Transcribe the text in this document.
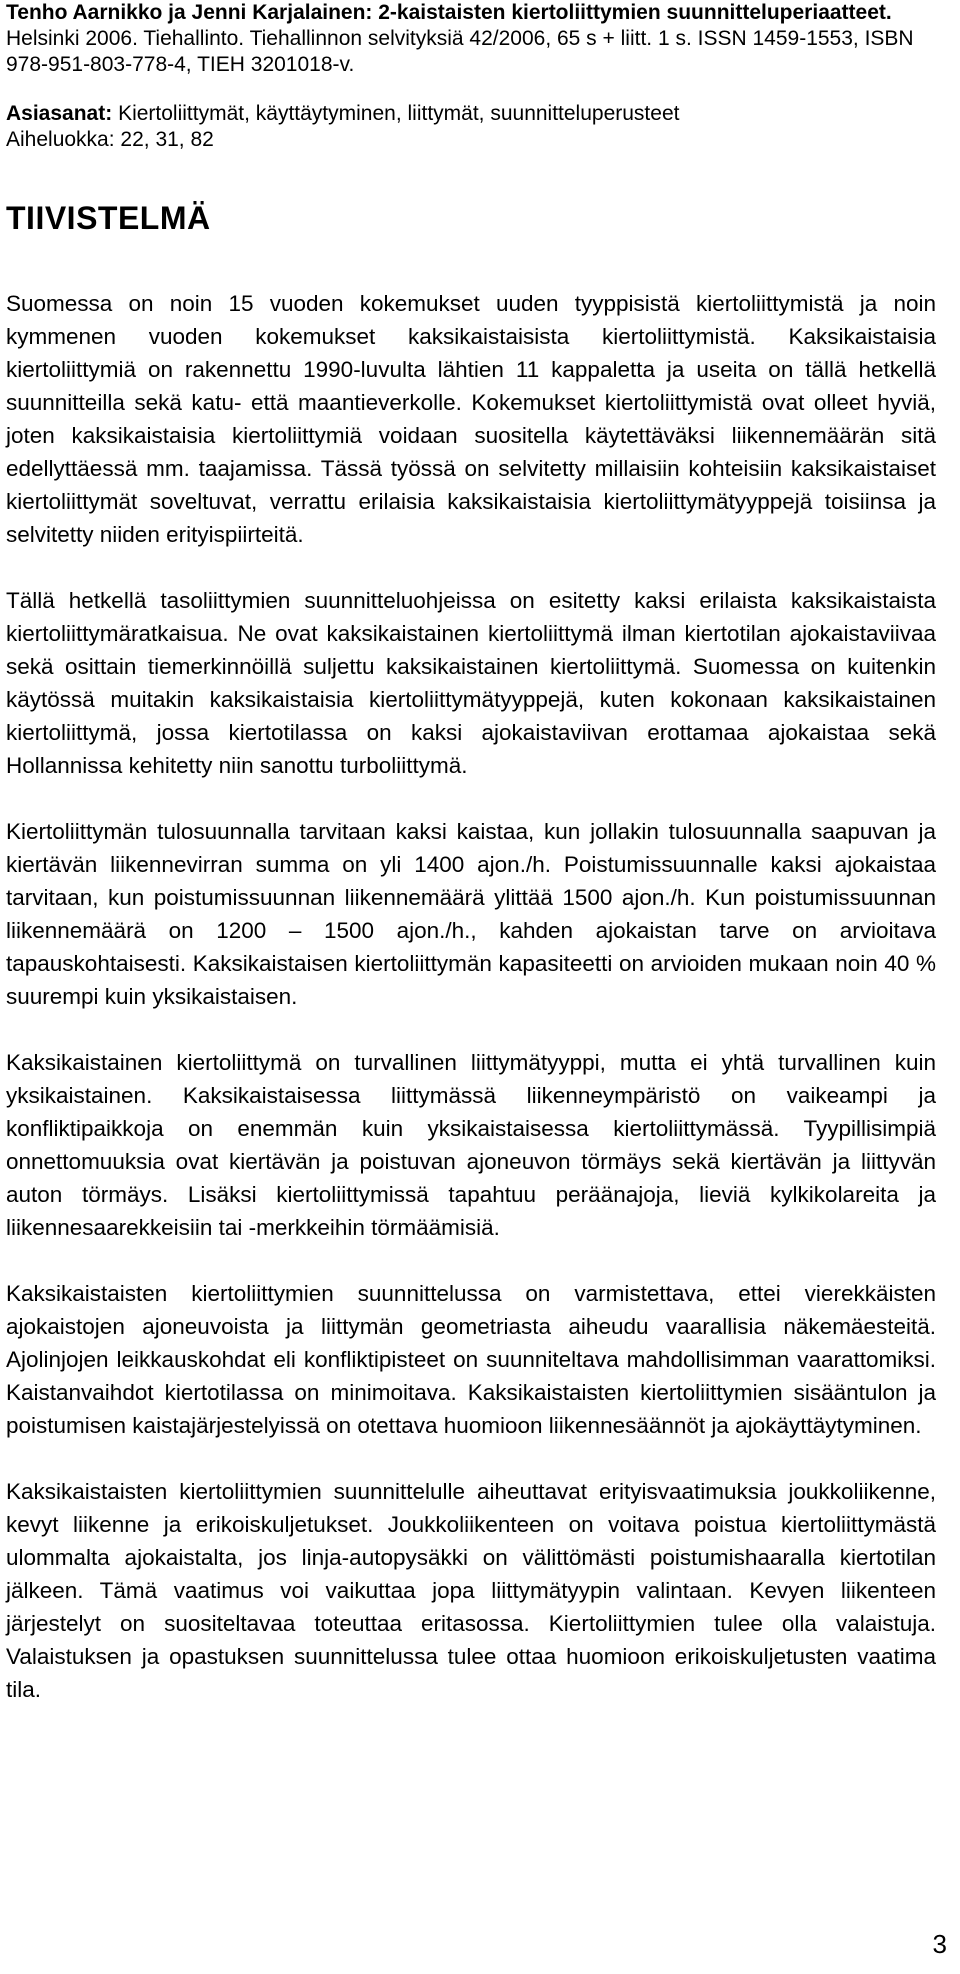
Tenho Aarnikko ja Jenni Karjalainen: 2-kaistaisten kiertoliittymien suunnitteluperiaatteet. Helsinki 2006. Tiehallinto. Tiehallinnon selvityksiä 42/2006, 65 s + liitt. 1 s. ISSN 1459-1553, ISBN 978-951-803-778-4, TIEH 3201018-v.
Asiasanat: Kiertoliittymät, käyttäytyminen, liittymät, suunnitteluperusteet
Aiheluokka: 22, 31, 82
TIIVISTELMÄ

Suomessa on noin 15 vuoden kokemukset uuden tyyppisistä kiertoliittymistä ja noin kymmenen vuoden kokemukset kaksikaistaisista kiertoliittymistä. Kaksikaistaisia kiertoliittymiä on rakennettu 1990-luvulta lähtien 11 kappaletta ja useita on tällä hetkellä suunnitteilla sekä katu- että maantieverkolle. Kokemukset kiertoliittymistä ovat olleet hyviä, joten kaksikaistaisia kiertoliittymiä voidaan suositella käytettäväksi liikennemäärän sitä edellyttäessä mm. taajamissa. Tässä työssä on selvitetty millaisiin kohteisiin kaksikaistaiset kiertoliittymät soveltuvat, verrattu erilaisia kaksikaistaisia kiertoliittymätyyppejä toisiinsa ja selvitetty niiden erityispiirteitä.

Tällä hetkellä tasoliittymien suunnitteluohjeissa on esitetty kaksi erilaista kaksikaistaista kiertoliittymäratkaisua. Ne ovat kaksikaistainen kiertoliittymä ilman kiertotilan ajokaistaviivaa sekä osittain tiemerkinnöillä suljettu kaksikaistainen kiertoliittymä. Suomessa on kuitenkin käytössä muitakin kaksikaistaisia kiertoliittymätyyppejä, kuten kokonaan kaksikaistainen kiertoliittymä, jossa kiertotilassa on kaksi ajokaistaviivan erottamaa ajokaistaa sekä Hollannissa kehitetty niin sanottu turboliittymä.

Kiertoliittymän tulosuunnalla tarvitaan kaksi kaistaa, kun jollakin tulosuunnalla saapuvan ja kiertävän liikennevirran summa on yli 1400 ajon./h. Poistumissuunnalle kaksi ajokaistaa tarvitaan, kun poistumissuunnan liikennemäärä ylittää 1500 ajon./h. Kun poistumissuunnan liikennemäärä on 1200 – 1500 ajon./h., kahden ajokaistan tarve on arvioitava tapauskohtaisesti. Kaksikaistaisen kiertoliittymän kapasiteetti on arvioiden mukaan noin 40 % suurempi kuin yksikaistaisen.

Kaksikaistainen kiertoliittymä on turvallinen liittymätyyppi, mutta ei yhtä turvallinen kuin yksikaistainen. Kaksikaistaisessa liittymässä liikenneympäristö on vaikeampi ja konfliktipaikkoja on enemmän kuin yksikaistaisessa kiertoliittymässä. Tyypillisimpiä onnettomuuksia ovat kiertävän ja poistuvan ajoneuvon törmäys sekä kiertävän ja liittyvän auton törmäys. Lisäksi kiertoliittymissä tapahtuu peräänajoja, lieviä kylkikolareita ja liikennesaarekkeisiin tai -merkkeihin törmäämisiä.

Kaksikaistaisten kiertoliittymien suunnittelussa on varmistettava, ettei vierekkäisten ajokaistojen ajoneuvoista ja liittymän geometriasta aiheudu vaarallisia näkemäesteitä. Ajolinjojen leikkauskohdat eli konfliktipisteet on suunniteltava mahdollisimman vaarattomiksi. Kaistanvaihdot kiertotilassa on minimoitava. Kaksikaistaisten kiertoliittymien sisääntulon ja poistumisen kaistajärjestelyissä on otettava huomioon liikennesäännöt ja ajokäyttäytyminen.

Kaksikaistaisten kiertoliittymien suunnittelulle aiheuttavat erityisvaatimuksia joukkoliikenne, kevyt liikenne ja erikoiskuljetukset. Joukkoliikenteen on voitava poistua kiertoliittymästä ulommalta ajokaistalta, jos linja-autopysäkki on välittömästi poistumishaaralla kiertotilan jälkeen. Tämä vaatimus voi vaikuttaa jopa liittymätyypin valintaan. Kevyen liikenteen järjestelyt on suositeltavaa toteuttaa eritasossa. Kiertoliittymien tulee olla valaistuja. Valaistuksen ja opastuksen suunnittelussa tulee ottaa huomioon erikoiskuljetusten vaatima tila.

3
